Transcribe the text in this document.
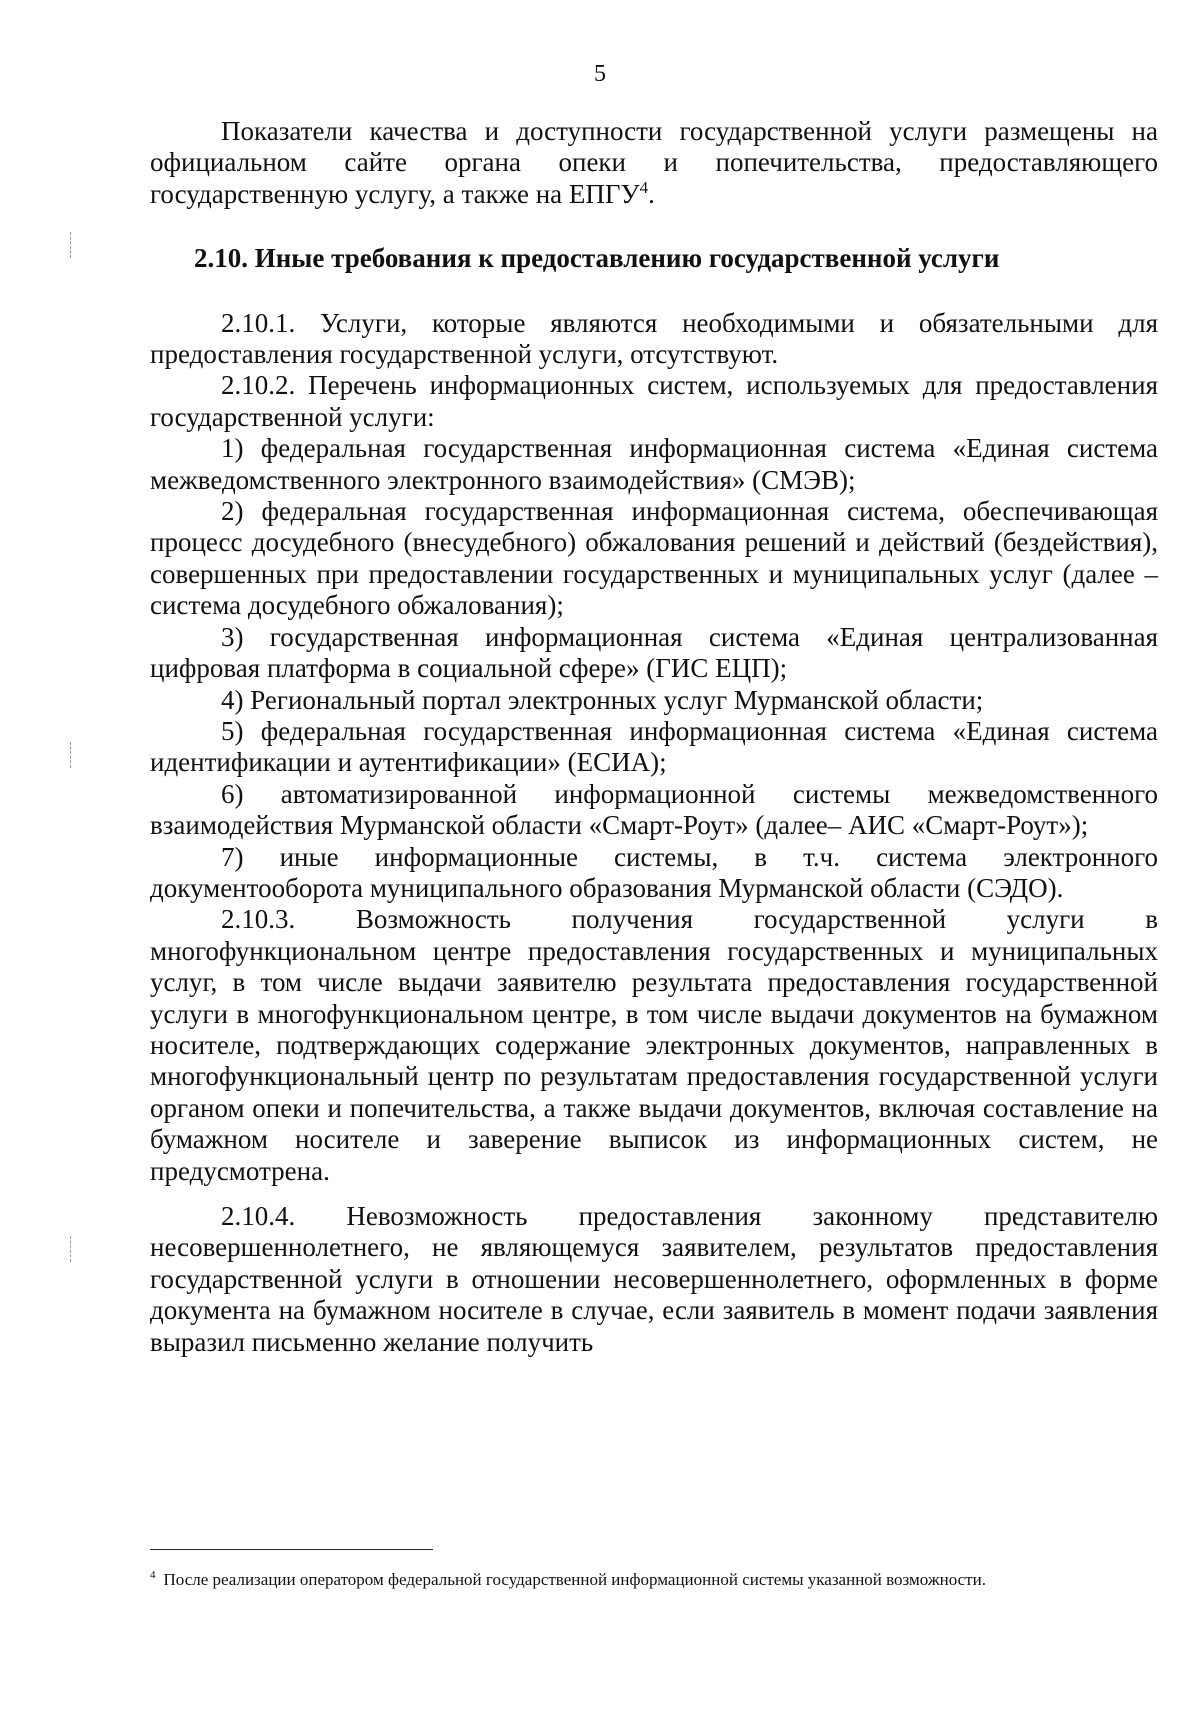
5

Показатели качества и доступности государственной услуги размещены на официальном сайте органа опеки и попечительства, предоставляющего государственную услугу, а также на ЕПГУ$^4$.

2.10. Иные требования к предоставлению государственной услуги

2.10.1. Услуги, которые являются необходимыми и обязательными для предоставления государственной услуги, отсутствуют.

2.10.2. Перечень информационных систем, используемых для предоставления государственной услуги:

1) федеральная государственная информационная система «Единая система межведомственного электронного взаимодействия» (СМЭВ);

2) федеральная государственная информационная система, обеспечивающая процесс досудебного (внесудебного) обжалования решений и действий (бездействия), совершенных при предоставлении государственных и муниципальных услуг (далее – система досудебного обжалования);

3) государственная информационная система «Единая централизованная цифровая платформа в социальной сфере» (ГИС ЕЦП);

4) Региональный портал электронных услуг Мурманской области;

5) федеральная государственная информационная система «Единая система идентификации и аутентификации» (ЕСИА);

6) автоматизированной информационной системы межведомственного взаимодействия Мурманской области «Смарт-Роут» (далее– АИС «Смарт-Роут»);

7) иные информационные системы, в т.ч. система электронного документооборота муниципального образования Мурманской области (СЭДО).

2.10.3. Возможность получения государственной услуги в многофункциональном центре предоставления государственных и муниципальных услуг, в том числе выдачи заявителю результата предоставления государственной услуги в многофункциональном центре, в том числе выдачи документов на бумажном носителе, подтверждающих содержание электронных документов, направленных в многофункциональный центр по результатам предоставления государственной услуги органом опеки и попечительства, а также выдачи документов, включая составление на бумажном носителе и заверение выписок из информационных систем, не предусмотрена.

2.10.4. Невозможность предоставления законному представителю несовершеннолетнего, не являющемуся заявителем, результатов предоставления государственной услуги в отношении несовершеннолетнего, оформленных в форме документа на бумажном носителе в случае, если заявитель в момент подачи заявления выразил письменно желание получить

$^4$ После реализации оператором федеральной государственной информационной системы указанной возможности.
